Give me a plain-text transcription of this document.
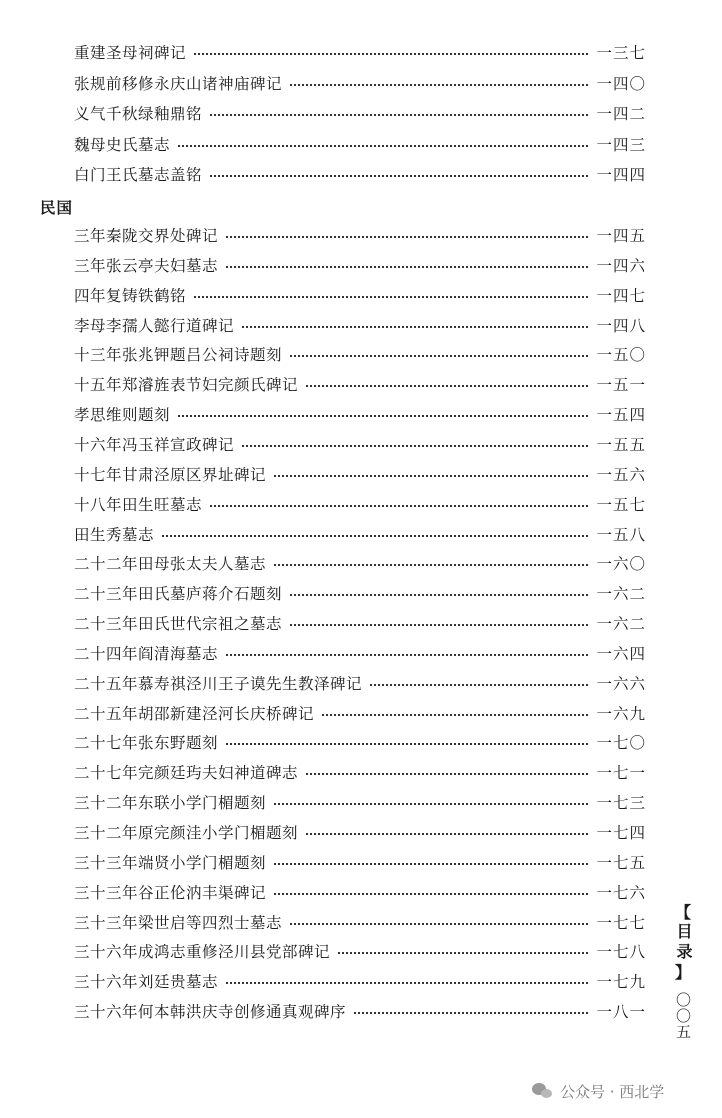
重建圣母祠碑记	一三七
张规前移修永庆山诸神庙碑记	一四〇
义气千秋绿釉鼎铭	一四二
魏母史氏墓志	一四三
白门王氏墓志盖铭	一四四
三年秦陇交界处碑记	一四五
三年张云亭夫妇墓志	一四六
四年复铸铁鹤铭	一四七
李母李孺人懿行道碑记	一四八
十三年张兆钾题吕公祠诗题刻	一五〇
十五年郑濬旌表节妇完颜氏碑记	一五一
孝思维则题刻	一五四
十六年冯玉祥宣政碑记	一五五
十七年甘肃泾原区界址碑记	一五六
十八年田生旺墓志	一五七
田生秀墓志	一五八
二十二年田母张太夫人墓志	一六〇
二十三年田氏墓庐蒋介石题刻	一六二
二十三年田氏世代宗祖之墓志	一六二
二十四年阎清海墓志	一六四
二十五年慕寿祺泾川王子谟先生教泽碑记	一六六
二十五年胡邵新建泾河长庆桥碑记	一六九
二十七年张东野题刻	一七〇
二十七年完颜廷玙夫妇神道碑志	一七一
三十二年东联小学门楣题刻	一七三
三十二年原完颜洼小学门楣题刻	一七四
三十三年端贤小学门楣题刻	一七五
三十三年谷正伦汭丰渠碑记	一七六
三十三年梁世启等四烈士墓志	一七七
三十六年成鸿志重修泾川县党部碑记	一七八
三十六年刘廷贵墓志	一七九
三十六年何本韩洪庆寺创修通真观碑序	一八一
民国
【
目录
】
〇〇五
公众号 · 西北学
